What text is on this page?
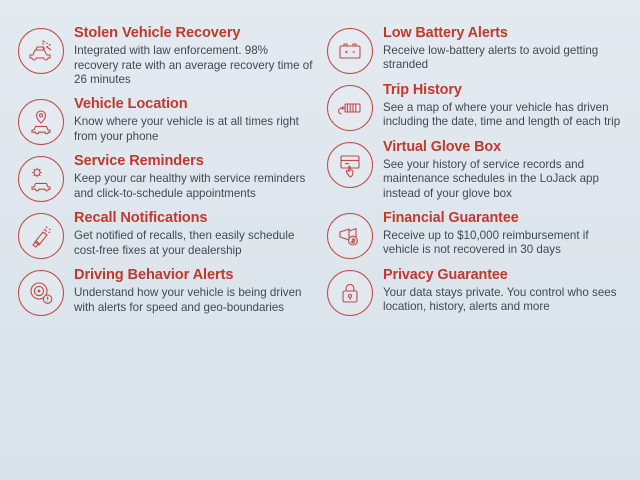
Stolen Vehicle Recovery

Integrated with law enforcement. 98% recovery rate with an average recovery time of 26 minutes

Vehicle Location

Know where your vehicle is at all times right from your phone

Service Reminders

Keep your car healthy with service reminders and click-to-schedule appointments

Recall Notifications

Get notified of recalls, then easily schedule cost-free fixes at your dealership

Driving Behavior Alerts

Understand how your vehicle is being driven with alerts for speed and geo-boundaries

Low Battery Alerts

Receive low-battery alerts to avoid getting stranded

Trip History

See a map of where your vehicle has driven including the date, time and length of each trip

Virtual Glove Box

See your history of service records and maintenance schedules in the LoJack app instead of your glove box

Financial Guarantee

Receive up to $10,000 reimbursement if vehicle is not recovered in 30 days

Privacy Guarantee

Your data stays private. You control who sees location, history, alerts and more
